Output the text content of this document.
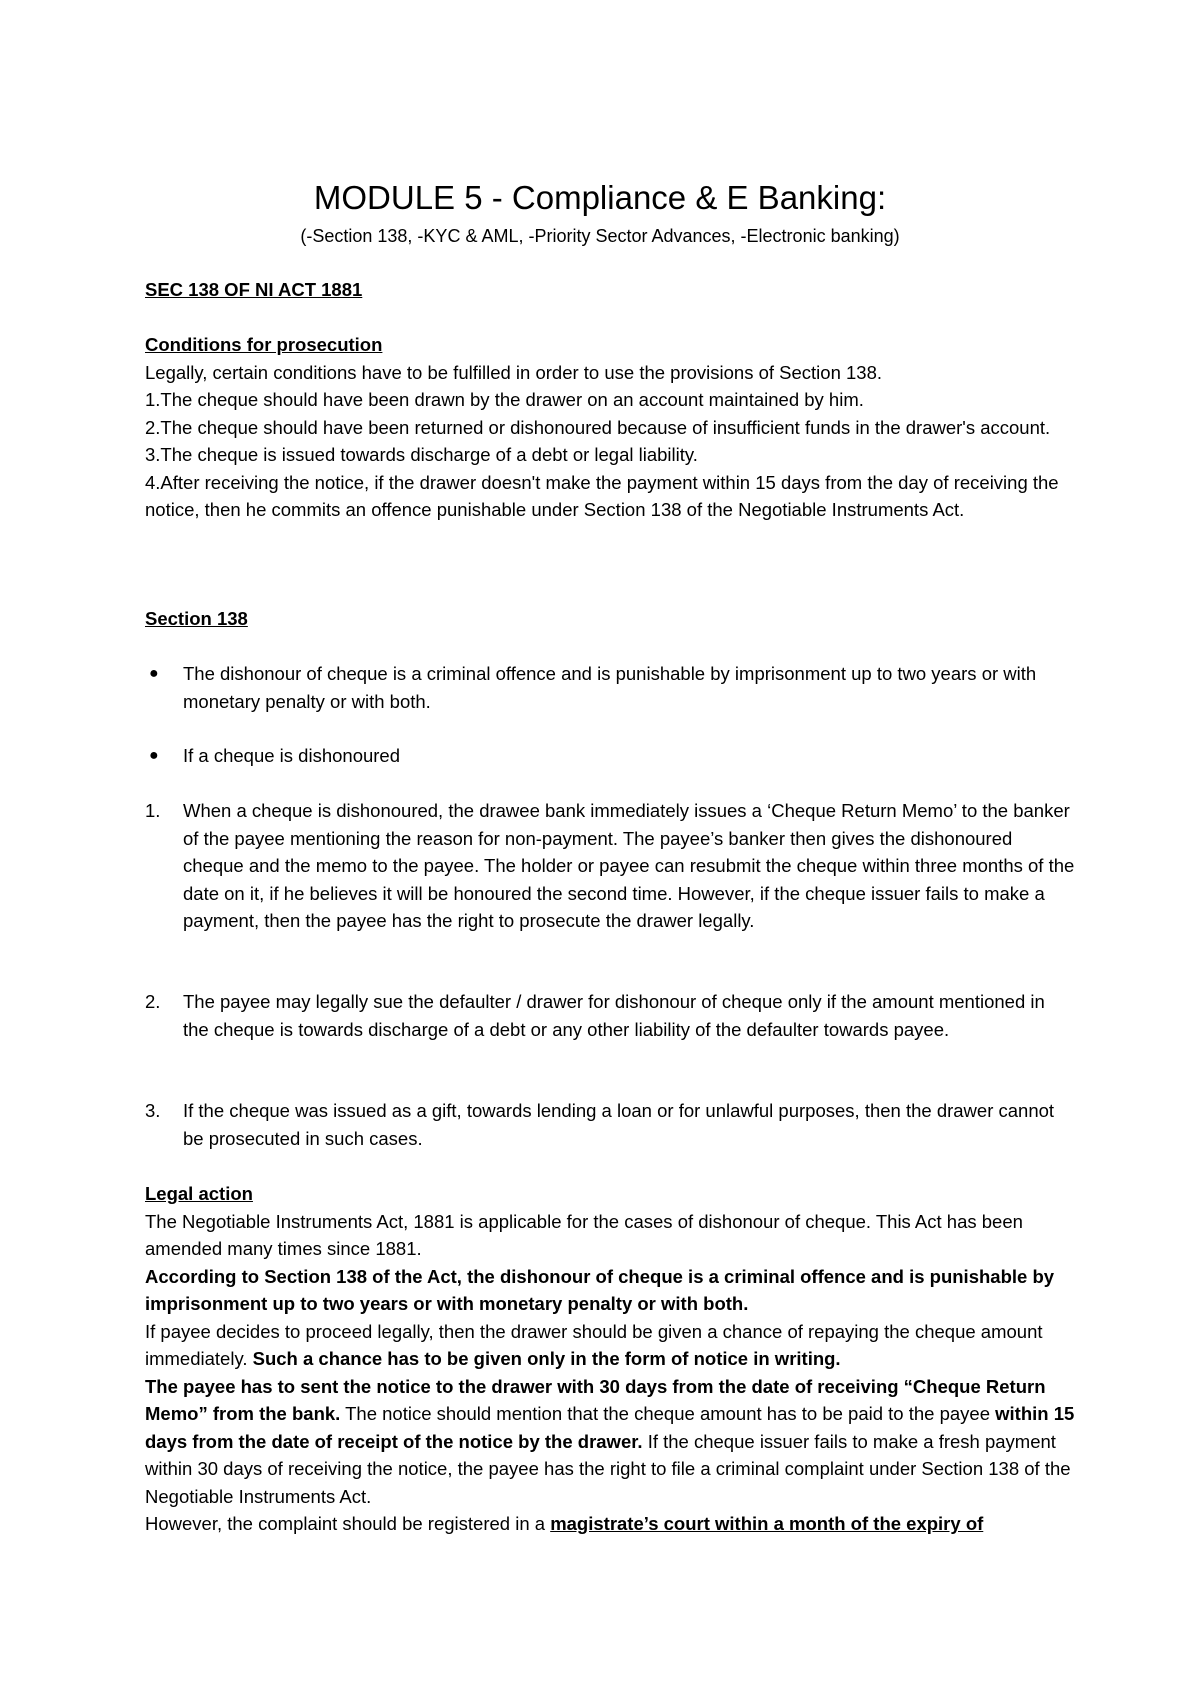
MODULE 5 - Compliance & E Banking:
(-Section 138, -KYC & AML, -Priority Sector Advances, -Electronic banking)

SEC 138 OF NI ACT 1881

Conditions for prosecution

Legally, certain conditions have to be fulfilled in order to use the provisions of Section 138.

1.The cheque should have been drawn by the drawer on an account maintained by him.

2.The cheque should have been returned or dishonoured because of insufficient funds in the drawer's account.

3.The cheque is issued towards discharge of a debt or legal liability.

4.After receiving the notice, if the drawer doesn't make the payment within 15 days from the day of receiving the notice, then he commits an offence punishable under Section 138 of the Negotiable Instruments Act.

Section 138

● The dishonour of cheque is a criminal offence and is punishable by imprisonment up to two years or with monetary penalty or with both.
● If a cheque is dishonoured
1. When a cheque is dishonoured, the drawee bank immediately issues a ‘Cheque Return Memo’ to the banker of the payee mentioning the reason for non-payment. The payee’s banker then gives the dishonoured cheque and the memo to the payee. The holder or payee can resubmit the cheque within three months of the date on it, if he believes it will be honoured the second time. However, if the cheque issuer fails to make a payment, then the payee has the right to prosecute the drawer legally.
2. The payee may legally sue the defaulter / drawer for dishonour of cheque only if the amount mentioned in the cheque is towards discharge of a debt or any other liability of the defaulter towards payee.
3. If the cheque was issued as a gift, towards lending a loan or for unlawful purposes, then the drawer cannot be prosecuted in such cases.

Legal action

The Negotiable Instruments Act, 1881 is applicable for the cases of dishonour of cheque. This Act has been amended many times since 1881.

According to Section 138 of the Act, the dishonour of cheque is a criminal offence and is punishable by imprisonment up to two years or with monetary penalty or with both.

If payee decides to proceed legally, then the drawer should be given a chance of repaying the cheque amount immediately. Such a chance has to be given only in the form of notice in writing.

The payee has to sent the notice to the drawer with 30 days from the date of receiving “Cheque Return Memo” from the bank. The notice should mention that the cheque amount has to be paid to the payee within 15 days from the date of receipt of the notice by the drawer. If the cheque issuer fails to make a fresh payment within 30 days of receiving the notice, the payee has the right to file a criminal complaint under Section 138 of the Negotiable Instruments Act.

However, the complaint should be registered in a magistrate’s court within a month of the expiry of
